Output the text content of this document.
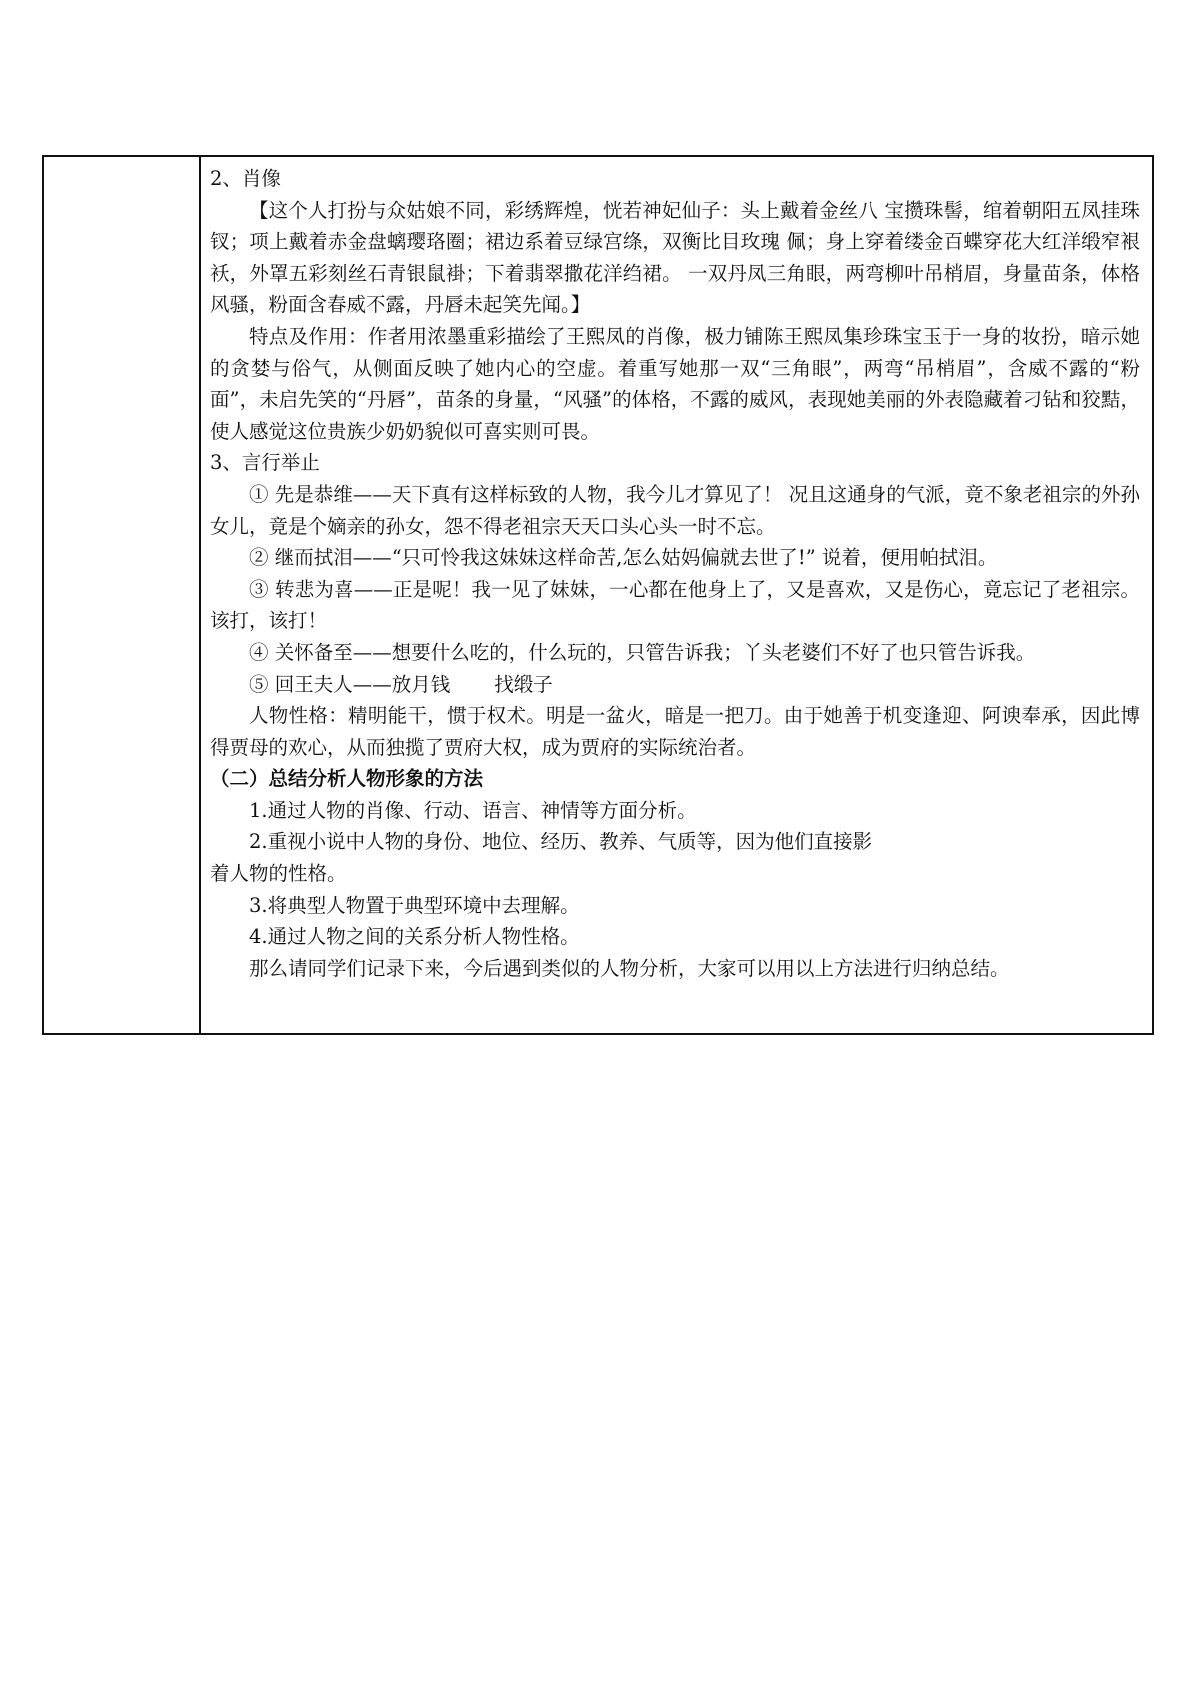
2、肖像

【这个人打扮与众姑娘不同，彩绣辉煌，恍若神妃仙子：头上戴着金丝八 宝攒珠髻，绾着朝阳五凤挂珠钗；项上戴着赤金盘螭璎珞圈；裙边系着豆绿宫绦，双衡比目玫瑰 佩；身上穿着缕金百蝶穿花大红洋缎窄裉袄，外罩五彩刻丝石青银鼠褂；下着翡翠撒花洋绉裙。 一双丹凤三角眼，两弯柳叶吊梢眉，身量苗条，体格风骚，粉面含春威不露，丹唇未起笑先闻。】

特点及作用：作者用浓墨重彩描绘了王熙凤的肖像，极力铺陈王熙凤集珍珠宝玉于一身的妆扮，暗示她的贪婪与俗气，从侧面反映了她内心的空虚。着重写她那一双“三角眼”，两弯“吊梢眉”，含威不露的“粉面”，未启先笑的“丹唇”，苗条的身量，“风骚”的体格，不露的威风，表现她美丽的外表隐藏着刁钻和狡黠，使人感觉这位贵族少奶奶貌似可喜实则可畏。

3、言行举止

① 先是恭维——天下真有这样标致的人物，我今儿才算见了！ 况且这通身的气派，竟不象老祖宗的外孙女儿，竟是个嫡亲的孙女，怨不得老祖宗天天口头心头一时不忘。

② 继而拭泪——“只可怜我这妹妹这样命苦,怎么姑妈偏就去世了!” 说着，便用帕拭泪。

③ 转悲为喜——正是呢！我一见了妹妹，一心都在他身上了，又是喜欢，又是伤心，竟忘记了老祖宗。该打，该打！

④ 关怀备至——想要什么吃的，什么玩的，只管告诉我；丫头老婆们不好了也只管告诉我。

⑤ 回王夫人——放月钱 找缎子

人物性格：精明能干，惯于权术。明是一盆火，暗是一把刀。由于她善于机变逢迎、阿谀奉承，因此博得贾母的欢心，从而独揽了贾府大权，成为贾府的实际统治者。

（二）总结分析人物形象的方法

1.通过人物的肖像、行动、语言、神情等方面分析。

2.重视小说中人物的身份、地位、经历、教养、气质等，因为他们直接影

着人物的性格。

3.将典型人物置于典型环境中去理解。

4.通过人物之间的关系分析人物性格。

那么请同学们记录下来，今后遇到类似的人物分析，大家可以用以上方法进行归纳总结。
